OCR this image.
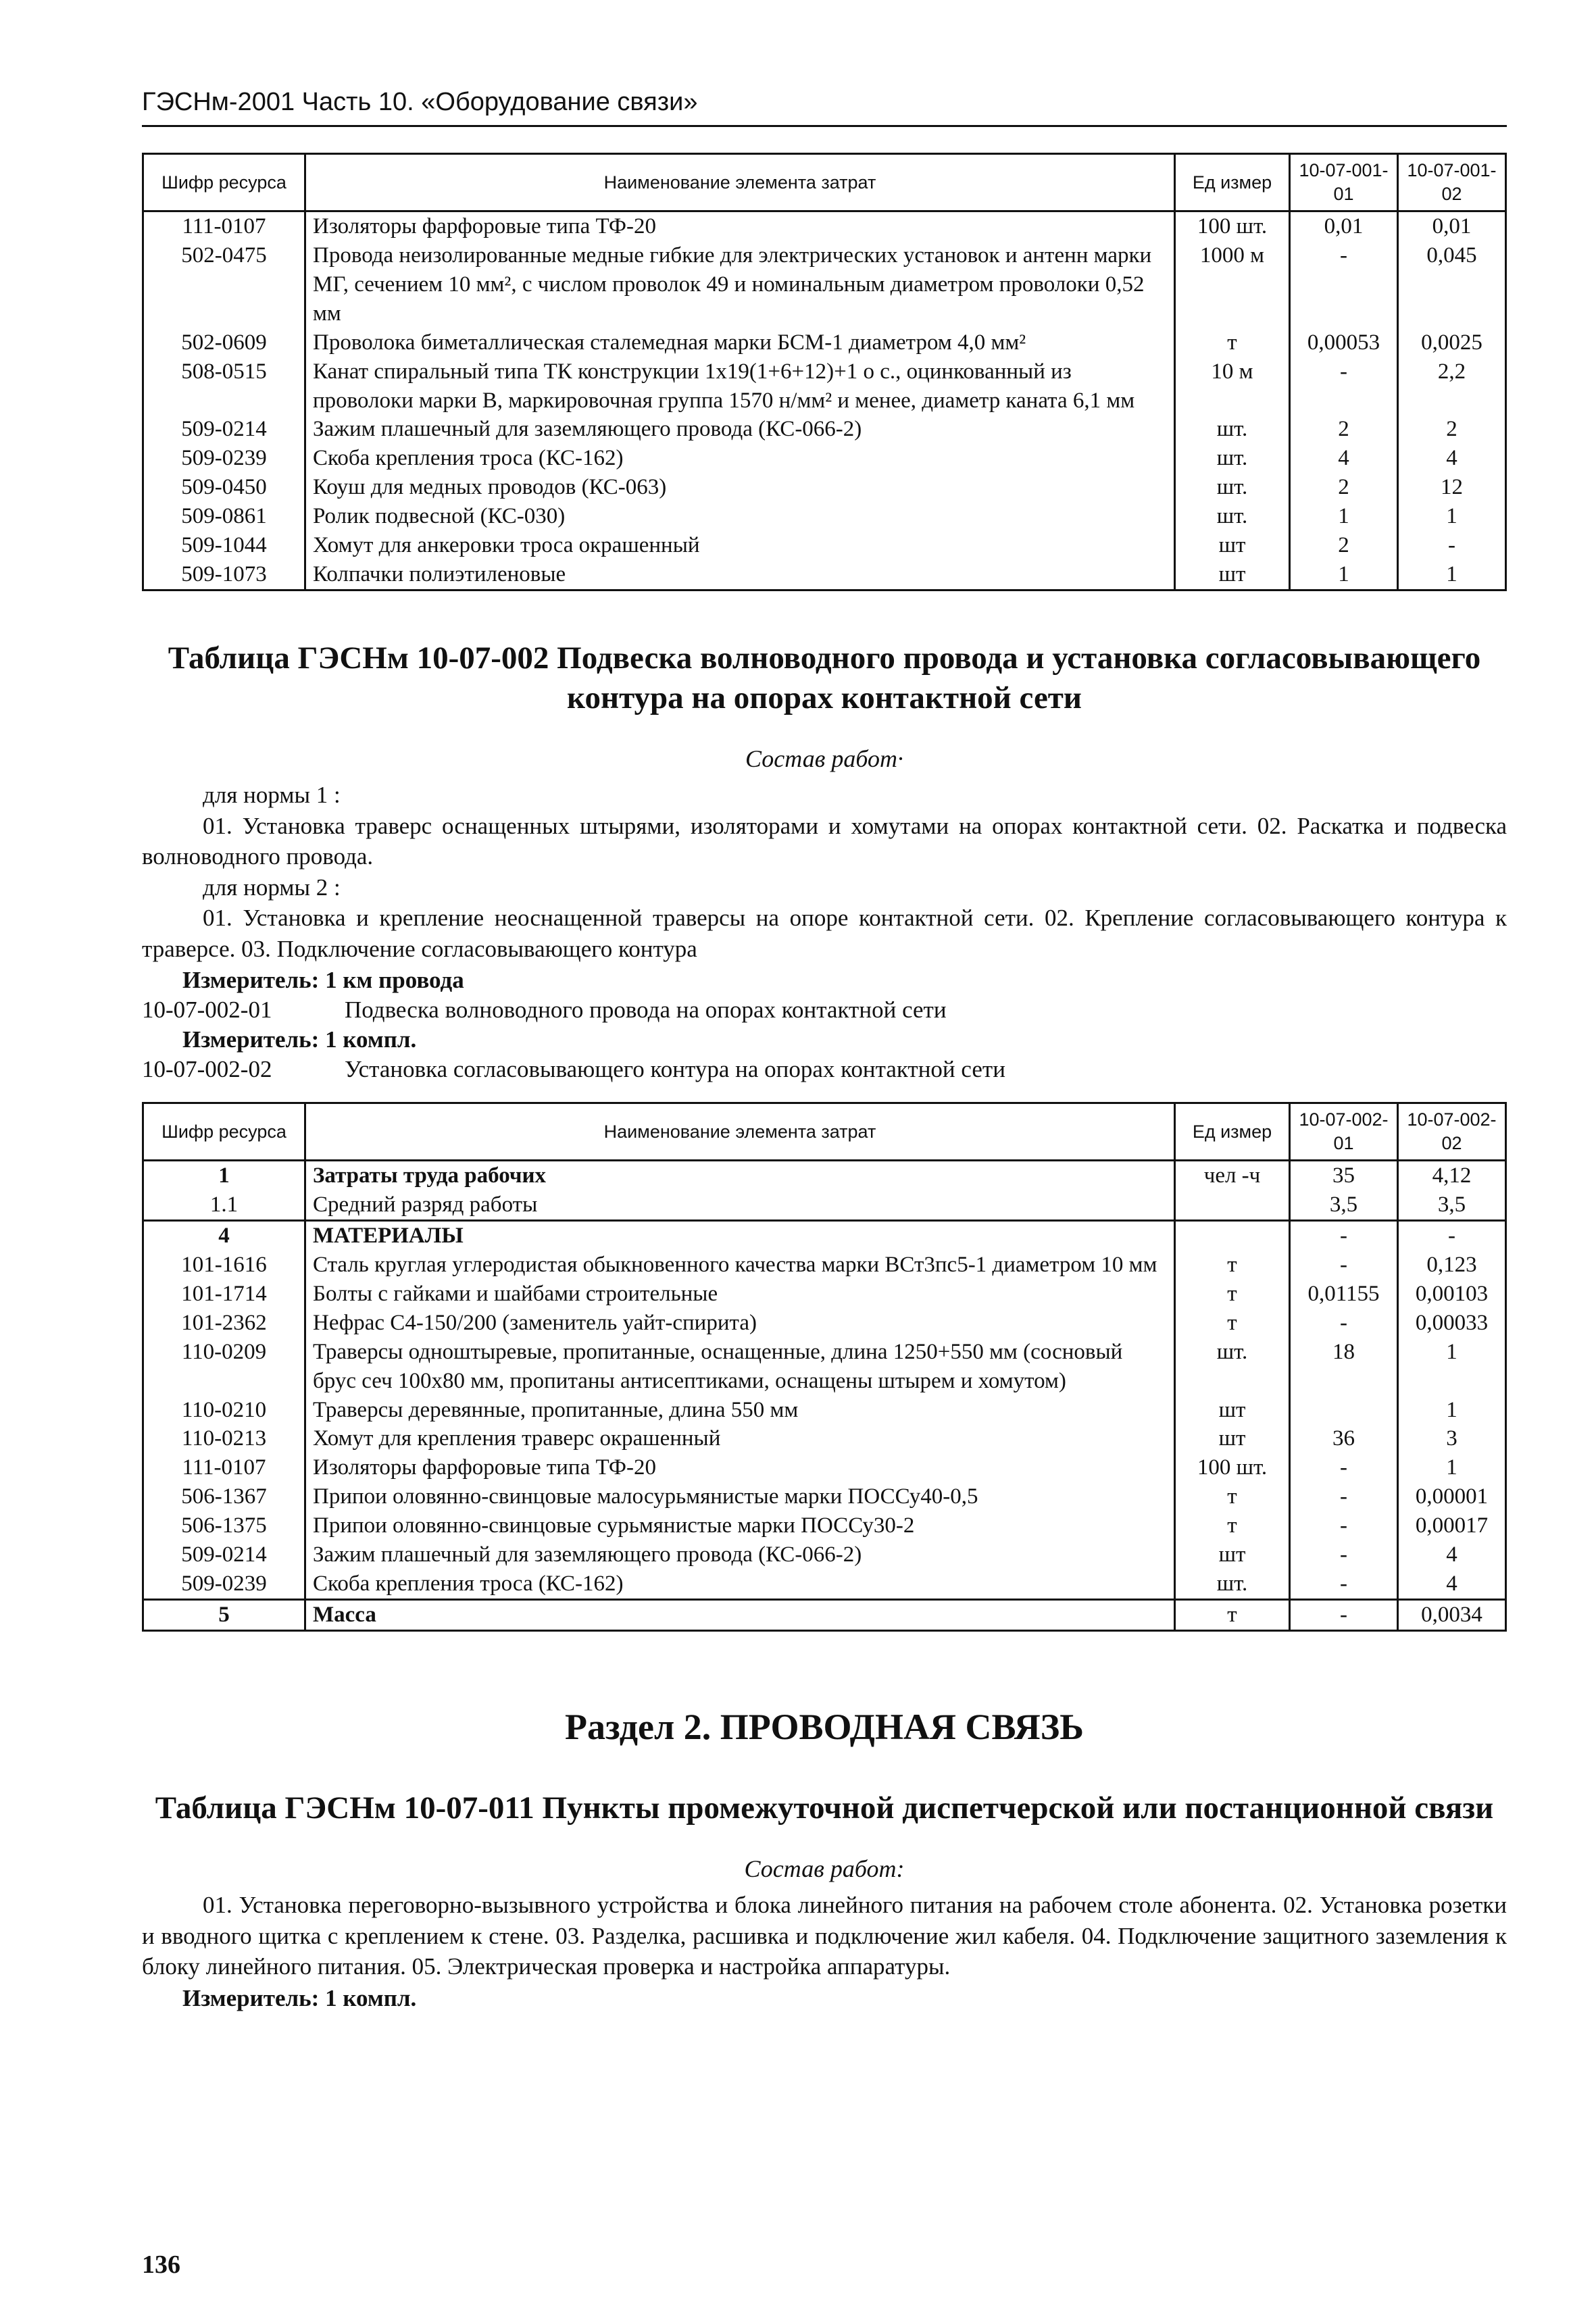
ГЭСНм-2001 Часть 10. «Оборудование связи»
Шифр ресурса	Наименование элемента затрат	Ед измер	10-07-001-01	10-07-001-02
111-0107	Изоляторы фарфоровые типа ТФ-20	100 шт.	0,01	0,01
502-0475	Провода неизолированные медные гибкие для электрических установок и антенн марки МГ, сечением 10 мм², с числом проволок 49 и номинальным диаметром проволоки 0,52 мм	1000 м	-	0,045
502-0609	Проволока биметаллическая сталемедная марки БСМ-1 диаметром 4,0 мм²	т	0,00053	0,0025
508-0515	Канат спиральный типа ТК конструкции 1х19(1+6+12)+1 о с., оцинкованный из проволоки марки В, маркировочная группа 1570 н/мм² и менее, диаметр каната 6,1 мм	10 м	-	2,2
509-0214	Зажим плашечный для заземляющего провода (КС-066-2)	шт.	2	2
509-0239	Скоба крепления троса (КС-162)	шт.	4	4
509-0450	Коуш для медных проводов (КС-063)	шт.	2	12
509-0861	Ролик подвесной (КС-030)	шт.	1	1
509-1044	Хомут для анкеровки троса окрашенный	шт	2	-
509-1073	Колпачки полиэтиленовые	шт	1	1
Таблица ГЭСНм 10-07-002 Подвеска волноводного провода и установка согласовывающего контура на опорах контактной сети
Состав работ·

для нормы 1 :

01. Установка траверс оснащенных штырями, изоляторами и хомутами на опорах контактной сети. 02. Раскатка и подвеска волноводного провода.

для нормы 2 :

01. Установка и крепление неоснащенной траверсы на опоре контактной сети. 02. Крепление согласовывающего контура к траверсе. 03. Подключение согласовывающего контура

Измеритель: 1 км провода
10-07-002-01	Подвеска волноводного провода на опорах контактной сети
Измеритель: 1 компл.
10-07-002-02	Установка согласовывающего контура на опорах контактной сети
Шифр ресурса	Наименование элемента затрат	Ед измер	10-07-002-01	10-07-002-02
1	Затраты труда рабочих	чел -ч	35	4,12
1.1	Средний разряд работы		3,5	3,5
4	МАТЕРИАЛЫ		-	-
101-1616	Сталь круглая углеродистая обыкновенного качества марки ВСт3пс5-1 диаметром 10 мм	т	-	0,123
101-1714	Болты с гайками и шайбами строительные	т	0,01155	0,00103
101-2362	Нефрас С4-150/200 (заменитель уайт-спирита)	т	-	0,00033
110-0209	Траверсы одноштыревые, пропитанные, оснащенные, длина 1250+550 мм (сосновый брус сеч 100х80 мм, пропитаны антисептиками, оснащены штырем и хомутом)	шт.	18	1
110-0210	Траверсы деревянные, пропитанные, длина 550 мм	шт		1
110-0213	Хомут для крепления траверс окрашенный	шт	36	3
111-0107	Изоляторы фарфоровые типа ТФ-20	100 шт.	-	1
506-1367	Припои оловянно-свинцовые малосурьмянистые марки ПОССу40-0,5	т	-	0,00001
506-1375	Припои оловянно-свинцовые сурьмянистые марки ПОССу30-2	т	-	0,00017
509-0214	Зажим плашечный для заземляющего провода (КС-066-2)	шт	-	4
509-0239	Скоба крепления троса (КС-162)	шт.	-	4
5	Масса	т	-	0,0034
Раздел 2. ПРОВОДНАЯ СВЯЗЬ
Таблица ГЭСНм 10-07-011 Пункты промежуточной диспетчерской или постанционной связи
Состав работ:

01. Установка переговорно-вызывного устройства и блока линейного питания на рабочем столе абонента. 02. Установка розетки и вводного щитка с креплением к стене. 03. Разделка, расшивка и подключение жил кабеля. 04. Подключение защитного заземления к блоку линейного питания. 05. Электрическая проверка и настройка аппаратуры.

Измеритель: 1 компл.
136
